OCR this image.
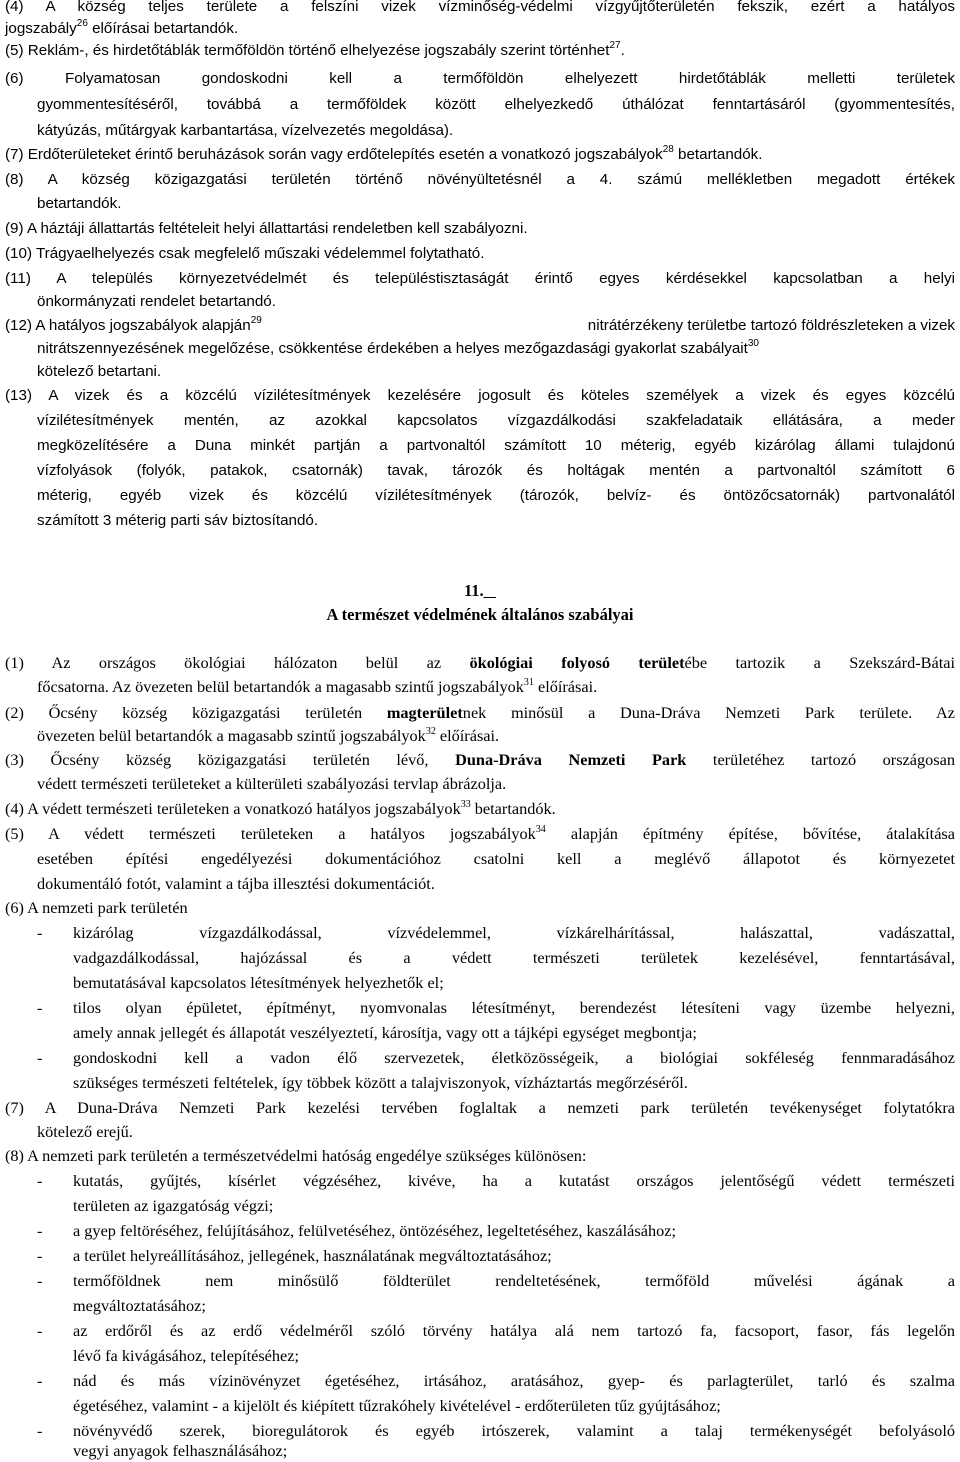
(4) A község teljes területe a felszíni vizek vízminőség-védelmi vízgyűjtőterületén fekszik, ezért a hatályos
jogszabály$^{26}$ előírásai betartandók.
(5) Reklám-, és hirdetőtáblák termőföldön történő elhelyezése jogszabály szerint történhet$^{27}$.
(6) Folyamatosan gondoskodni kell a termőföldön elhelyezett hirdetőtáblák melletti területek
gyommentesítéséről, továbbá a termőföldek között elhelyezkedő úthálózat fenntartásáról (gyommentesítés,
kátyúzás, műtárgyak karbantartása, vízelvezetés megoldása).
(7) Erdőterületeket érintő beruházások során vagy erdőtelepítés esetén a vonatkozó jogszabályok$^{28}$ betartandók.
(8) A község közigazgatási területén történő növényültetésnél a 4. számú mellékletben megadott értékek
betartandók.
(9) A háztáji állattartás feltételeit helyi állattartási rendeletben kell szabályozni.
(10) Trágyaelhelyezés csak megfelelő műszaki védelemmel folytatható.
(11) A település környezetvédelmét és településtisztaságát érintő egyes kérdésekkel kapcsolatban a helyi
önkormányzati rendelet betartandó.
(12) A hatályos jogszabályok alapján$^{29}$	nitrátérzékeny területbe tartozó földrészleteken a vizek
nitrátszennyezésének megelőzése, csökkentése érdekében a helyes mezőgazdasági gyakorlat szabályait$^{30}$
kötelező betartani.
(13) A vizek és a közcélú vízilétesítmények kezelésére jogosult és köteles személyek a vizek és egyes közcélú
vízilétesítmények mentén, az azokkal kapcsolatos vízgazdálkodási szakfeladataik ellátására, a meder
megközelítésére a Duna minkét partján a partvonaltól számított 10 méterig, egyéb kizárólag állami tulajdonú
vízfolyások (folyók, patakok, csatornák) tavak, tározók és holtágak mentén a partvonaltól számított 6
méterig, egyéb vizek és közcélú vízilétesítmények (tározók, belvíz- és öntözőcsatornák) partvonalától
számított 3 méterig parti sáv biztosítandó.
11.
A természet védelmének általános szabályai
(1) Az országos ökológiai hálózaton belül az ökológiai folyosó területébe tartozik a Szekszárd-Bátai
főcsatorna. Az övezeten belül betartandók a magasabb szintű jogszabályok$^{31}$ előírásai.
(2) Őcsény község közigazgatási területén magterületnek minősül a Duna-Dráva Nemzeti Park területe. Az
övezeten belül betartandók a magasabb szintű jogszabályok$^{32}$ előírásai.
(3) Őcsény község közigazgatási területén lévő, Duna-Dráva Nemzeti Park területéhez tartozó országosan
védett természeti területeket a külterületi szabályozási tervlap ábrázolja.
(4) A védett természeti területeken a vonatkozó hatályos jogszabályok$^{33}$ betartandók.
(5) A védett természeti területeken a hatályos jogszabályok$^{34}$ alapján építmény építése, bővítése, átalakítása
esetében építési engedélyezési dokumentációhoz csatolni kell a meglévő állapotot és környezetet
dokumentáló fotót, valamint a tájba illesztési dokumentációt.
(6) A nemzeti park területén
- kizárólag vízgazdálkodással, vízvédelemmel, vízkárelhárítással, halászattal, vadászattal,
vadgazdálkodással, hajózással és a védett természeti területek kezelésével, fenntartásával,
bemutatásával kapcsolatos létesítmények helyezhetők el;
- tilos olyan épületet, építményt, nyomvonalas létesítményt, berendezést létesíteni vagy üzembe helyezni,
amely annak jellegét és állapotát veszélyeztetí, károsítja, vagy ott a tájképi egységet megbontja;
- gondoskodni kell a vadon élő szervezetek, életközösségeik, a biológiai sokféleség fennmaradásához
szükséges természeti feltételek, így többek között a talajviszonyok, vízháztartás megőrzéséről.
(7) A Duna-Dráva Nemzeti Park kezelési tervében foglaltak a nemzeti park területén tevékenységet folytatókra
kötelező erejű.
(8) A nemzeti park területén a természetvédelmi hatóság engedélye szükséges különösen:
- kutatás, gyűjtés, kísérlet végzéséhez, kivéve, ha a kutatást országos jelentőségű védett természeti
területen az igazgatóság végzi;
- a gyep feltöréséhez, felújításához, felülvetéséhez, öntözéséhez, legeltetéséhez, kaszálásához;
- a terület helyreállításához, jellegének, használatának megváltoztatásához;
- termőföldnek nem minősülő földterület rendeltetésének, termőföld művelési ágának a
megváltoztatásához;
- az erdőről és az erdő védelméről szóló törvény hatálya alá nem tartozó fa, facsoport, fasor, fás legelőn
lévő fa kivágásához, telepítéséhez;
- nád és más vízinövényzet égetéséhez, irtásához, aratásához, gyep- és parlagterület, tarló és szalma
égetéséhez, valamint - a kijelölt és kiépített tűzrakóhely kivételével - erdőterületen tűz gyújtásához;
- növényvédő szerek, bioregulátorok és egyéb irtószerek, valamint a talaj termékenységét befolyásoló
vegyi anyagok felhasználásához;
